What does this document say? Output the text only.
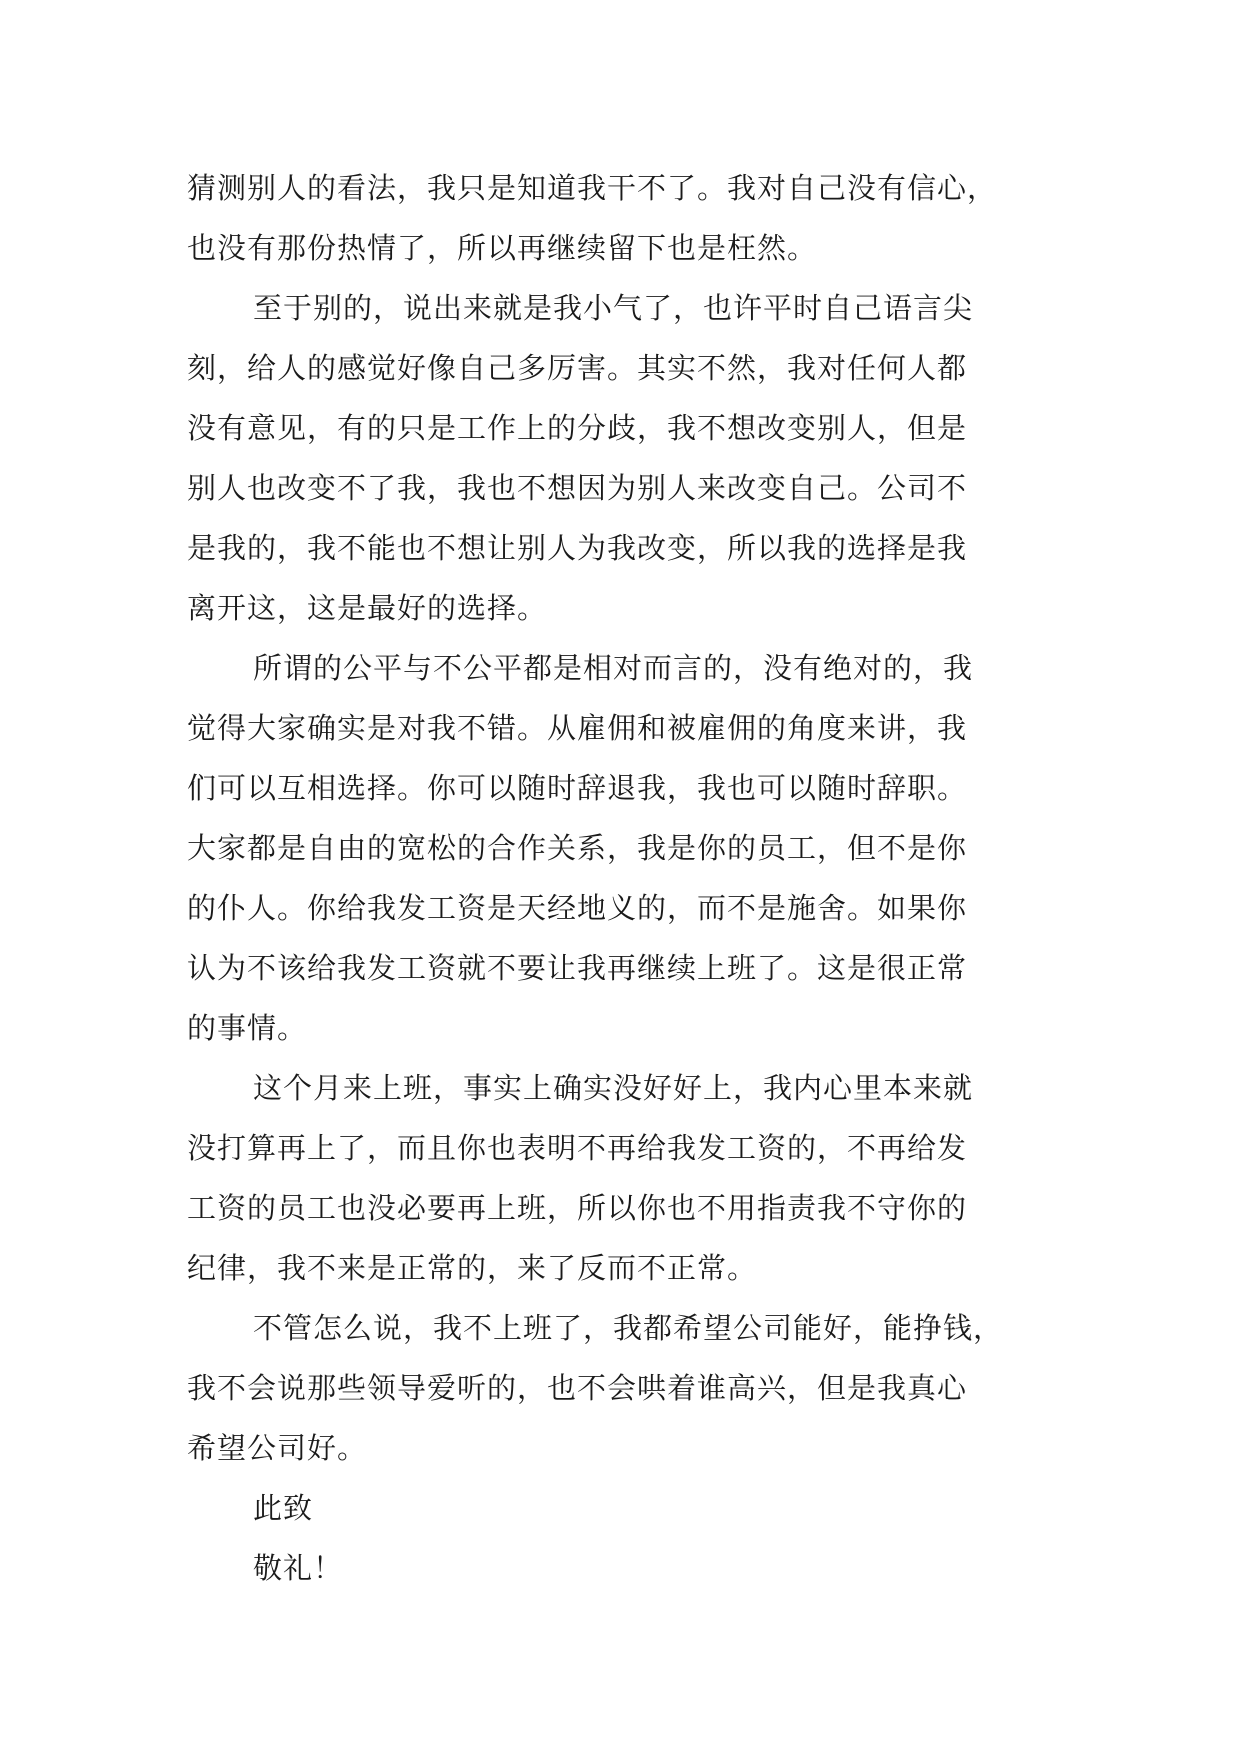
猜测别人的看法，我只是知道我干不了。我对自己没有信心，
也没有那份热情了，所以再继续留下也是枉然。
至于别的，说出来就是我小气了，也许平时自己语言尖
刻，给人的感觉好像自己多厉害。其实不然，我对任何人都
没有意见，有的只是工作上的分歧，我不想改变别人，但是
别人也改变不了我，我也不想因为别人来改变自己。公司不
是我的，我不能也不想让别人为我改变，所以我的选择是我
离开这，这是最好的选择。
所谓的公平与不公平都是相对而言的，没有绝对的，我
觉得大家确实是对我不错。从雇佣和被雇佣的角度来讲，我
们可以互相选择。你可以随时辞退我，我也可以随时辞职。
大家都是自由的宽松的合作关系，我是你的员工，但不是你
的仆人。你给我发工资是天经地义的，而不是施舍。如果你
认为不该给我发工资就不要让我再继续上班了。这是很正常
的事情。
这个月来上班，事实上确实没好好上，我内心里本来就
没打算再上了，而且你也表明不再给我发工资的，不再给发
工资的员工也没必要再上班，所以你也不用指责我不守你的
纪律，我不来是正常的，来了反而不正常。
不管怎么说，我不上班了，我都希望公司能好，能挣钱，
我不会说那些领导爱听的，也不会哄着谁高兴，但是我真心
希望公司好。
此致
敬礼！
